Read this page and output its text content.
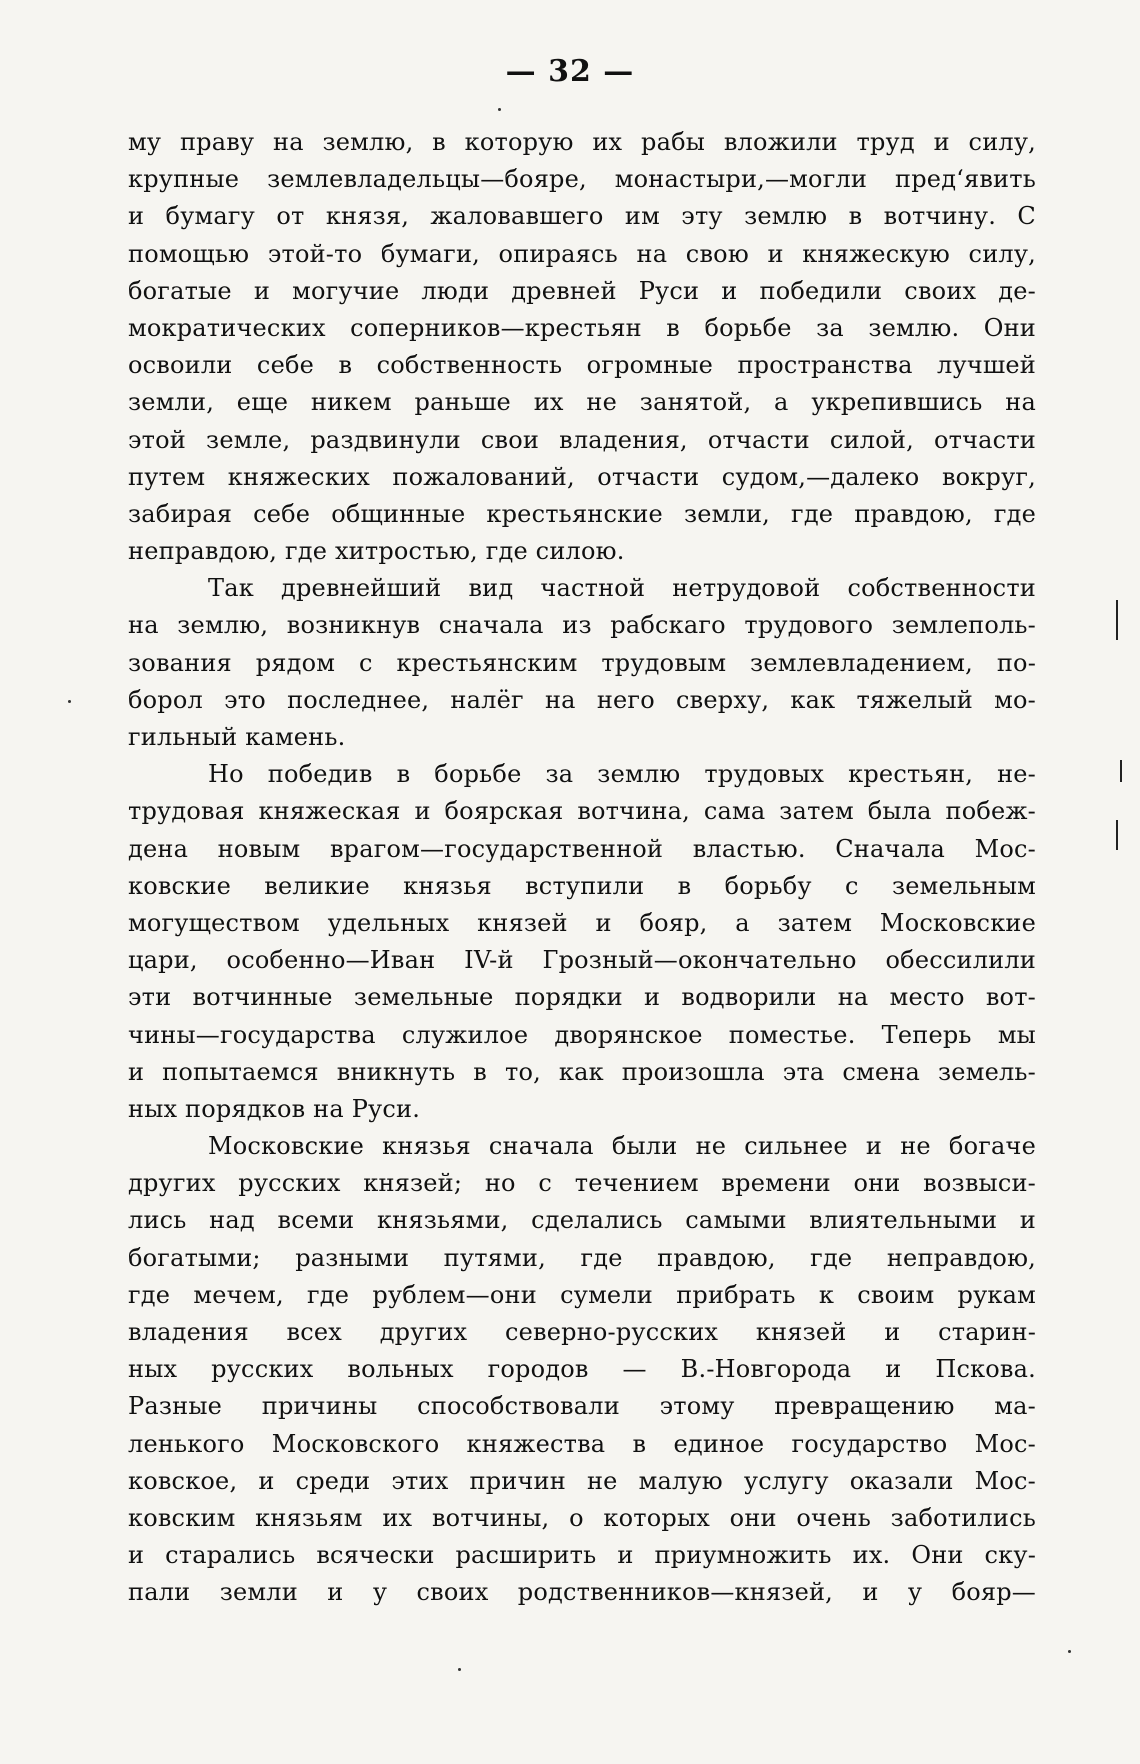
— 32 —
му праву на землю, в которую их рабы вложили труд и силу,
крупные землевладельцы—бояре, монастыри,—могли пред‘явить
и бумагу от князя, жаловавшего им эту землю в вотчину. С
помощью этой-то бумаги, опираясь на свою и княжескую силу,
богатые и могучие люди древней Руси и победили своих де-
мократических соперников—крестьян в борьбе за землю. Они
освоили себе в собственность огромные пространства лучшей
земли, еще никем раньше их не занятой, а укрепившись на
этой земле, раздвинули свои владения, отчасти силой, отчасти
путем княжеских пожалований, отчасти судом,—далеко вокруг,
забирая себе общинные крестьянские земли, где правдою, где
неправдою, где хитростью, где силою.
Так древнейший вид частной нетрудовой собственности
на землю, возникнув сначала из рабскаго трудового землеполь-
зования рядом с крестьянским трудовым землевладением, по-
борол это последнее, налёг на него сверху, как тяжелый мо-
гильный камень.
Но победив в борьбе за землю трудовых крестьян, не-
трудовая княжеская и боярская вотчина, сама затем была побеж-
дена новым врагом—государственной властью. Сначала Мос-
ковские великие князья вступили в борьбу с земельным
могуществом удельных князей и бояр, а затем Московские
цари, особенно—Иван IV-й Грозный—окончательно обессилили
эти вотчинные земельные порядки и водворили на место вот-
чины—государства служилое дворянское поместье. Теперь мы
и попытаемся вникнуть в то, как произошла эта смена земель-
ных порядков на Руси.
Московские князья сначала были не сильнее и не богаче
других русских князей; но с течением времени они возвыси-
лись над всеми князьями, сделались самыми влиятельными и
богатыми; разными путями, где правдою, где неправдою,
где мечем, где рублем—они сумели прибрать к своим рукам
владения всех других северно-русских князей и старин-
ных русских вольных городов — В.-Новгорода и Пскова.
Разные причины способствовали этому превращению ма-
ленького Московского княжества в единое государство Мос-
ковское, и среди этих причин не малую услугу оказали Мос-
ковским князьям их вотчины, о которых они очень заботились
и старались всячески расширить и приумножить их. Они ску-
пали земли и у своих родственников—князей, и у бояр—
